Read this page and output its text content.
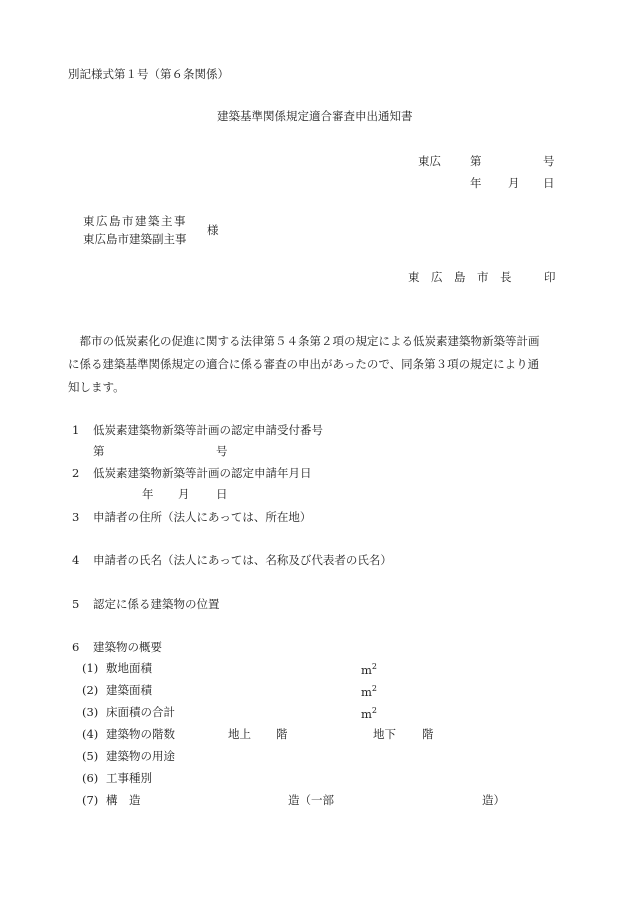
別記様式第１号（第６条関係）
建築基準関係規定適合審査申出通知書
東広	第	号
年 月 日
東広島市建築主事
東広島市建築副主事
様
東　広　島　市　長	印
　都市の低炭素化の促進に関する法律第５４条第２項の規定による低炭素建築物新築等計画
に係る建築基準関係規定の適合に係る審査の申出があったので、同条第３項の規定により通
知します。
1 低炭素建築物新築等計画の認定申請受付番号
第	号
2 低炭素建築物新築等計画の認定申請年月日
年 月 日
3 申請者の住所（法人にあっては、所在地）
4 申請者の氏名（法人にあっては、名称及び代表者の氏名）
5 認定に係る建築物の位置
6 建築物の概要
(1) 敷地面積	$m^2$
(2) 建築面積	$m^2$
(3) 床面積の合計	$m^2$
(4) 建築物の階数	地上 階	地下 階
(5) 建築物の用途
(6) 工事種別
(7) 構　造	造（一部	造）
